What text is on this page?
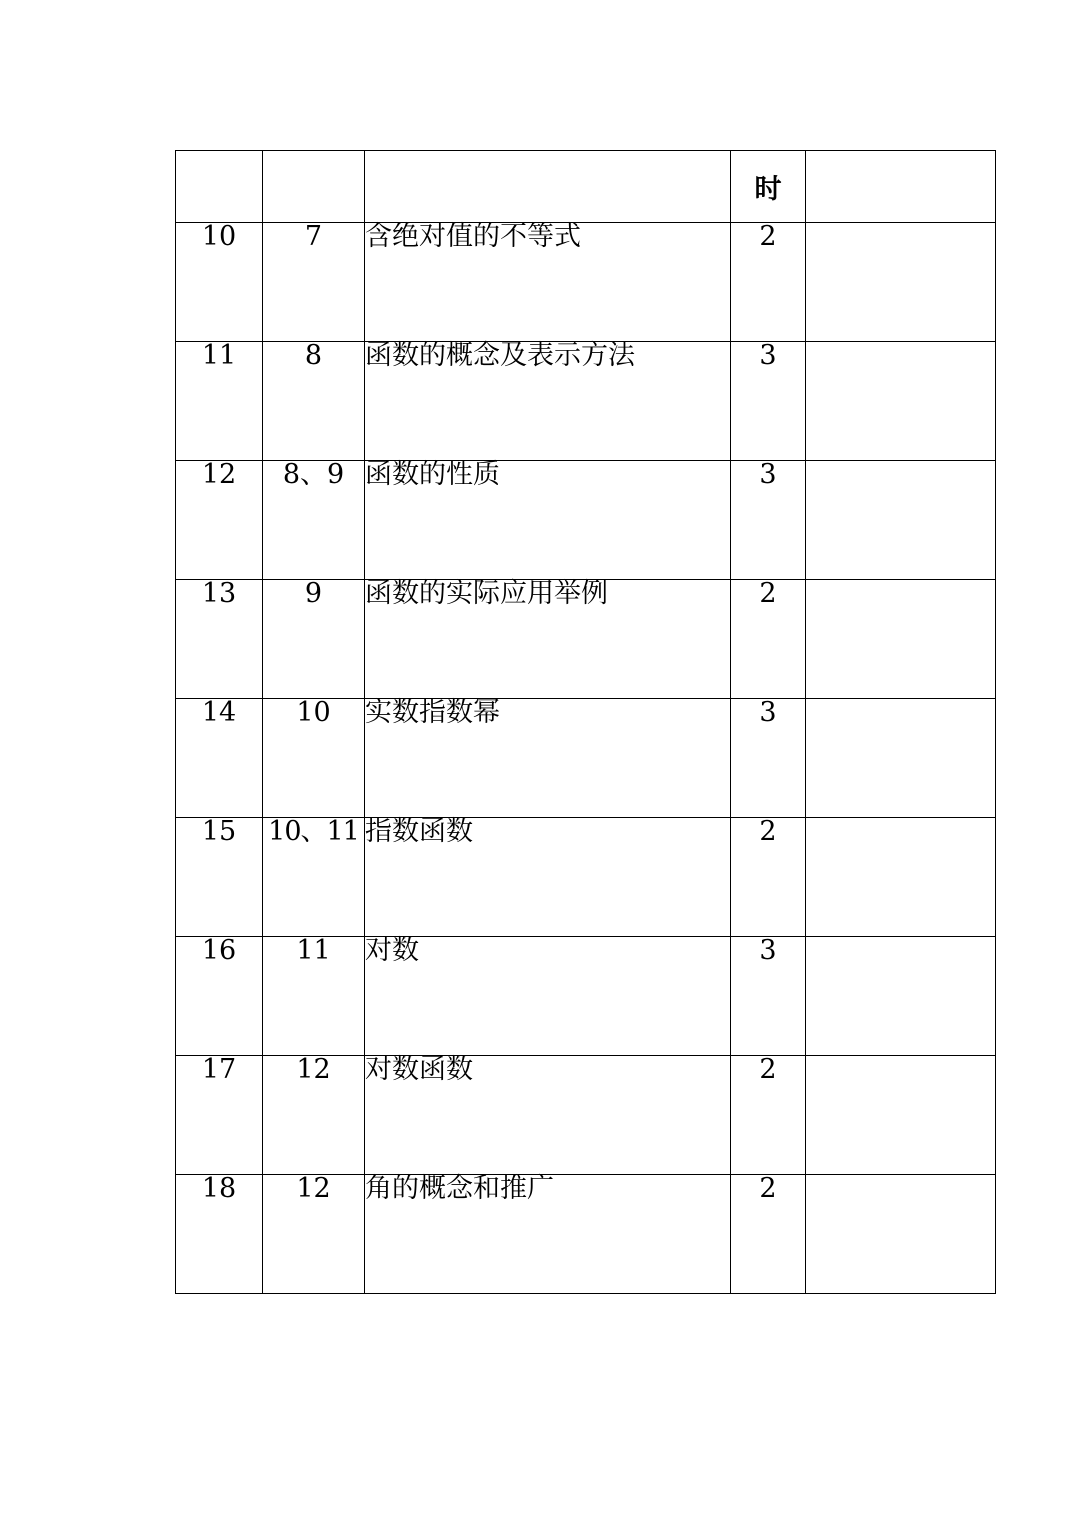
			时	
10	7	含绝对值的不等式	2	
11	8	函数的概念及表示方法	3	
12	8、9	函数的性质	3	
13	9	函数的实际应用举例	2	
14	10	实数指数幂	3	
15	10、11	指数函数	2	
16	11	对数	3	
17	12	对数函数	2	
18	12	角的概念和推广	2	
